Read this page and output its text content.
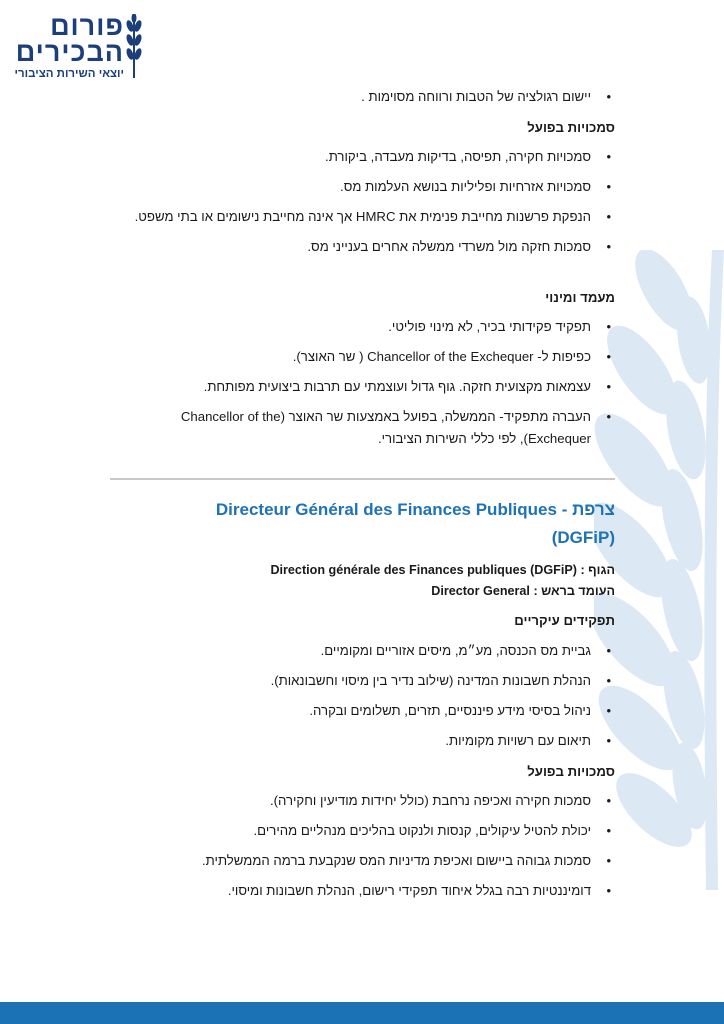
פורום
הבכירים
יוצאי השירות הציבורי
• יישום רגולציה של הטבות ורווחה מסוימות .

סמכויות בפועל

• סמכויות חקירה, תפיסה, בדיקות מעבדה, ביקורת.
• סמכויות אזרחיות ופליליות בנושא העלמות מס.
• הנפקת פרשנות מחייבת פנימית את HMRC אך אינה מחייבת נישומים או בתי משפט.
• סמכות חזקה מול משרדי ממשלה אחרים בענייני מס.

מעמד ומינוי

• תפקיד פקידותי בכיר, לא מינוי פוליטי.
• כפיפות ל- Chancellor of the Exchequer ( שר האוצר).
• עצמאות מקצועית חזקה. גוף גדול ועוצמתי עם תרבות ביצועית מפותחת.
• העברה מתפקיד- הממשלה, בפועל באמצעות שר האוצר (Chancellor of the Exchequer), לפי כללי השירות הציבורי.
צרפת - Directeur Général des Finances Publiques
(DGFiP)
הגוף : Direction générale des Finances publiques (DGFiP)
העומד בראש : Director General

תפקידים עיקריים

• גביית מס הכנסה, מע״מ, מיסים אזוריים ומקומיים.
• הנהלת חשבונות המדינה (שילוב נדיר בין מיסוי וחשבונאות).
• ניהול בסיסי מידע פיננסיים, תזרים, תשלומים ובקרה.
• תיאום עם רשויות מקומיות.

סמכויות בפועל

• סמכות חקירה ואכיפה נרחבת (כולל יחידות מודיעין וחקירה).
• יכולת להטיל עיקולים, קנסות ולנקוט בהליכים מנהליים מהירים.
• סמכות גבוהה ביישום ואכיפת מדיניות המס שנקבעת ברמה הממשלתית.
• דומיננטיות רבה בגלל איחוד תפקידי רישום, הנהלת חשבונות ומיסוי.
